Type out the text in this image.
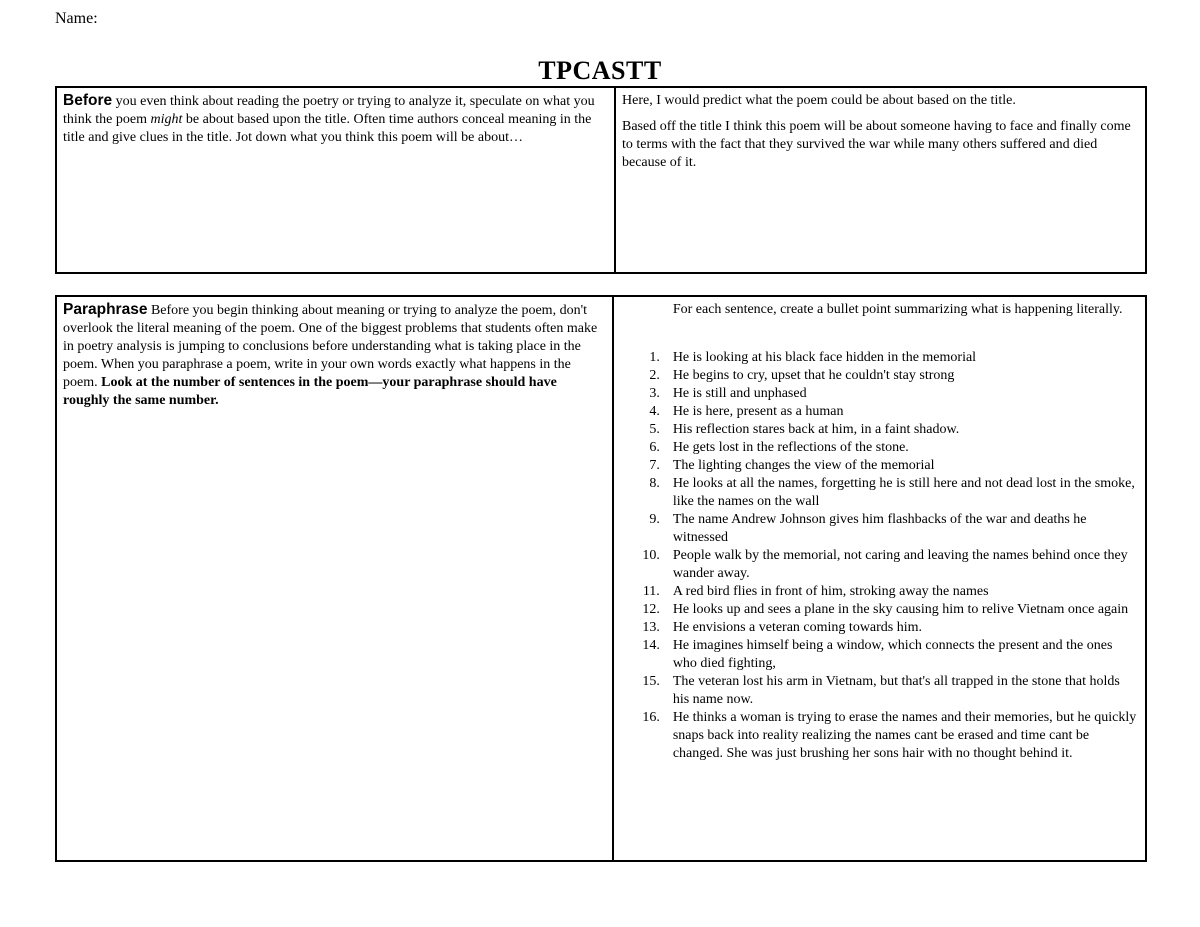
Name:
TPCASTT
Before you even think about reading the poetry or trying to analyze it, speculate on what you think the poem might be about based upon the title. Often time authors conceal meaning in the title and give clues in the title. Jot down what you think this poem will be about…	

Here, I would predict what the poem could be about based on the title.

Based off the title I think this poem will be about someone having to face and finally come to terms with the fact that they survived the war while many others suffered and died because of it.

Paraphrase Before you begin thinking about meaning or trying to analyze the poem, don't overlook the literal meaning of the poem. One of the biggest problems that students often make in poetry analysis is jumping to conclusions before understanding what is taking place in the poem. When you paraphrase a poem, write in your own words exactly what happens in the poem. Look at the number of sentences in the poem—your paraphrase should have roughly the same number.	

For each sentence, create a bullet point summarizing what is happening literally.

1. He is looking at his black face hidden in the memorial
2. He begins to cry, upset that he couldn't stay strong
3. He is still and unphased
4. He is here, present as a human
5. His reflection stares back at him, in a faint shadow.
6. He gets lost in the reflections of the stone.
7. The lighting changes the view of the memorial
8. He looks at all the names, forgetting he is still here and not dead lost in the smoke, like the names on the wall
9. The name Andrew Johnson gives him flashbacks of the war and deaths he witnessed
10. People walk by the memorial, not caring and leaving the names behind once they wander away.
11. A red bird flies in front of him, stroking away the names
12. He looks up and sees a plane in the sky causing him to relive Vietnam once again
13. He envisions a veteran coming towards him.
14. He imagines himself being a window, which connects the present and the ones who died fighting,
15. The veteran lost his arm in Vietnam, but that's all trapped in the stone that holds his name now.
16. He thinks a woman is trying to erase the names and their memories, but he quickly snaps back into reality realizing the names cant be erased and time cant be changed. She was just brushing her sons hair with no thought behind it.
